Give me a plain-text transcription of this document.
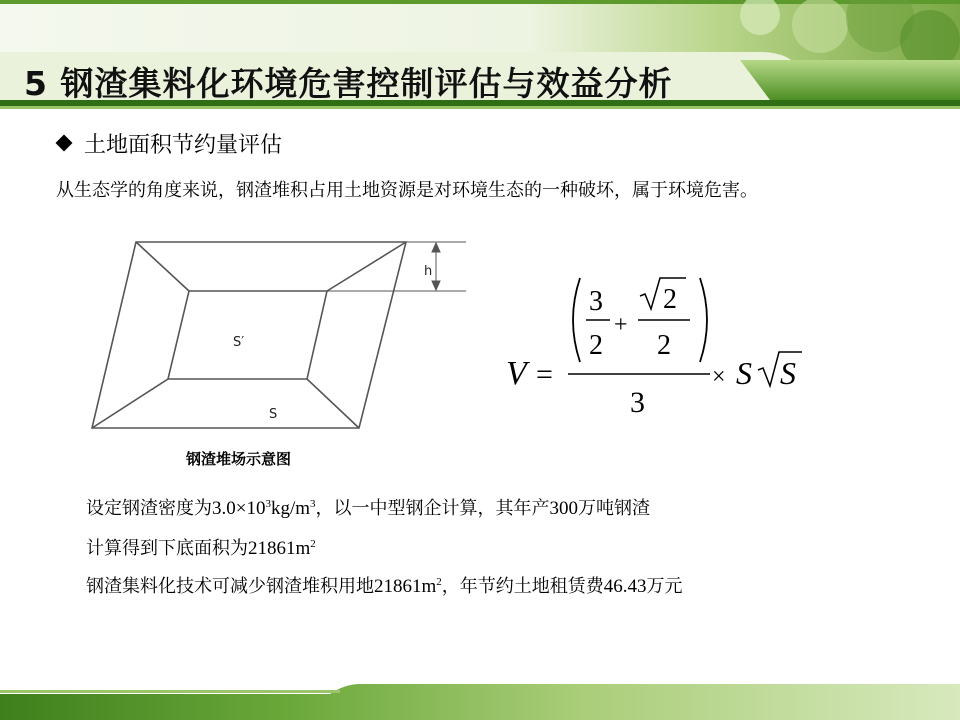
5 钢渣集料化环境危害控制评估与效益分析
土地面积节约量评估
从生态学的角度来说，钢渣堆积占用土地资源是对环境生态的一种破坏，属于环境危害。
h
S′
S
钢渣堆场示意图
V =
3
2
+
2
2
3
× S S
设定钢渣密度为$3.0\times 10^3kg/m^3$，以一中型钢企计算，其年产300万吨钢渣
计算得到下底面积为$21861m^2$
钢渣集料化技术可减少钢渣堆积用地$21861m^2$，年节约土地租赁费46.43万元
